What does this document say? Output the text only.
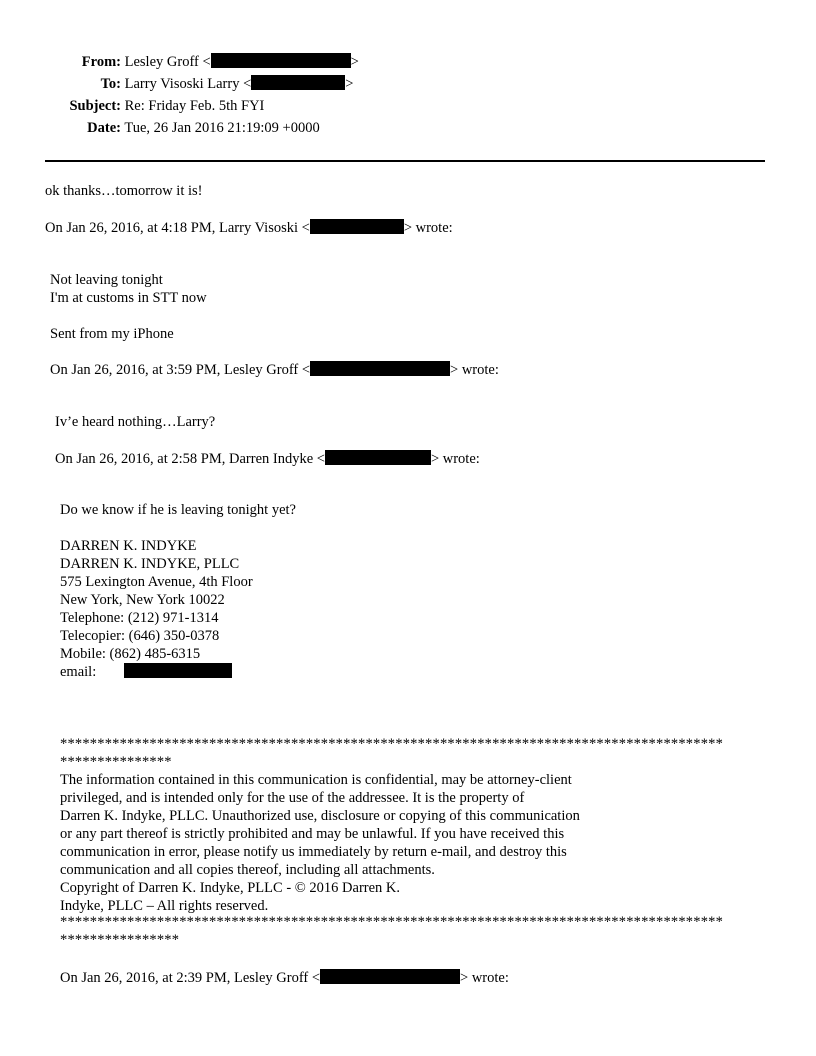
From: Lesley Groff <	>
To: Larry Visoski Larry <	>
Subject: Re: Friday Feb. 5th FYI
Date: Tue, 26 Jan 2016 21:19:09 +0000
ok thanks…tomorrow it is!
On Jan 26, 2016, at 4:18 PM, Larry Visoski <	> wrote:
Not leaving tonight
I'm at customs in STT now
Sent from my iPhone
On Jan 26, 2016, at 3:59 PM, Lesley Groff <	> wrote:
Iv’e heard nothing…Larry?
On Jan 26, 2016, at 2:58 PM, Darren Indyke <	> wrote:
Do we know if he is leaving tonight yet?
DARREN K. INDYKE
DARREN K. INDYKE, PLLC
575 Lexington Avenue, 4th Floor
New York, New York 10022
Telephone: (212) 971-1314
Telecopier: (646) 350-0378
Mobile: (862) 485-6315
email:
*****************************************************************************************
***************
The information contained in this communication is confidential, may be attorney-client
privileged, and is intended only for the use of the addressee. It is the property of
Darren K. Indyke, PLLC. Unauthorized use, disclosure or copying of this communication
or any part thereof is strictly prohibited and may be unlawful. If you have received this
communication in error, please notify us immediately by return e-mail, and destroy this
communication and all copies thereof, including all attachments.
Copyright of Darren K. Indyke, PLLC - © 2016 Darren K.
Indyke, PLLC – All rights reserved.
*****************************************************************************************
****************
On Jan 26, 2016, at 2:39 PM, Lesley Groff <	> wrote:
